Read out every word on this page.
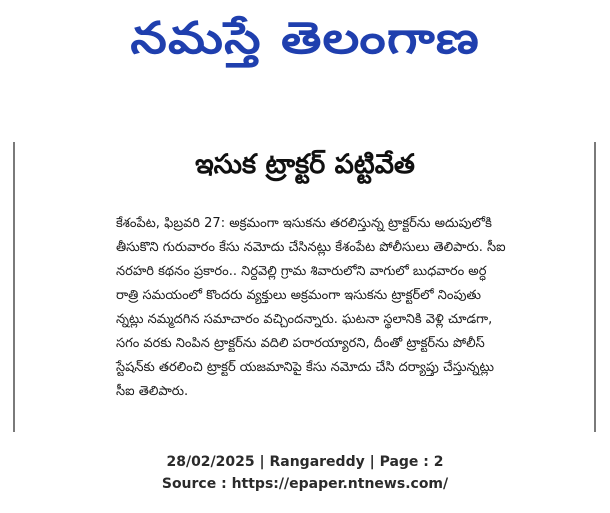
నమస్తే తెలంగాణ
ఇసుక ట్రాక్టర్ పట్టివేత
కేశంపేట, ఫిబ్రవరి 27: అక్రమంగా ఇసుకను తరలిస్తున్న ట్రాక్టర్‌ను అదుపులోకి
తీసుకొని గురువారం కేసు నమోదు చేసినట్లు కేశంపేట పోలీసులు తెలిపారు. సీఐ
నరహరి కథనం ప్రకారం.. నిర్దవెల్లి గ్రామ శివారులోని వాగులో బుధవారం అర్ధ
రాత్రి సమయంలో కొందరు వ్యక్తులు అక్రమంగా ఇసుకను ట్రాక్టర్‌లో నింపుతు
న్నట్లు నమ్మదగిన సమాచారం వచ్చిందన్నారు. ఘటనా స్థలానికి వెళ్లి చూడగా,
సగం వరకు నింపిన ట్రాక్టర్‌ను వదిలి పరారయ్యారని, దీంతో ట్రాక్టర్‌ను పోలీస్
స్టేషన్‌కు తరలించి ట్రాక్టర్ యజమానిపై కేసు నమోదు చేసి దర్యాప్తు చేస్తున్నట్లు
సీఐ తెలిపారు.
28/02/2025 | Rangareddy | Page : 2
Source : https://epaper.ntnews.com/
